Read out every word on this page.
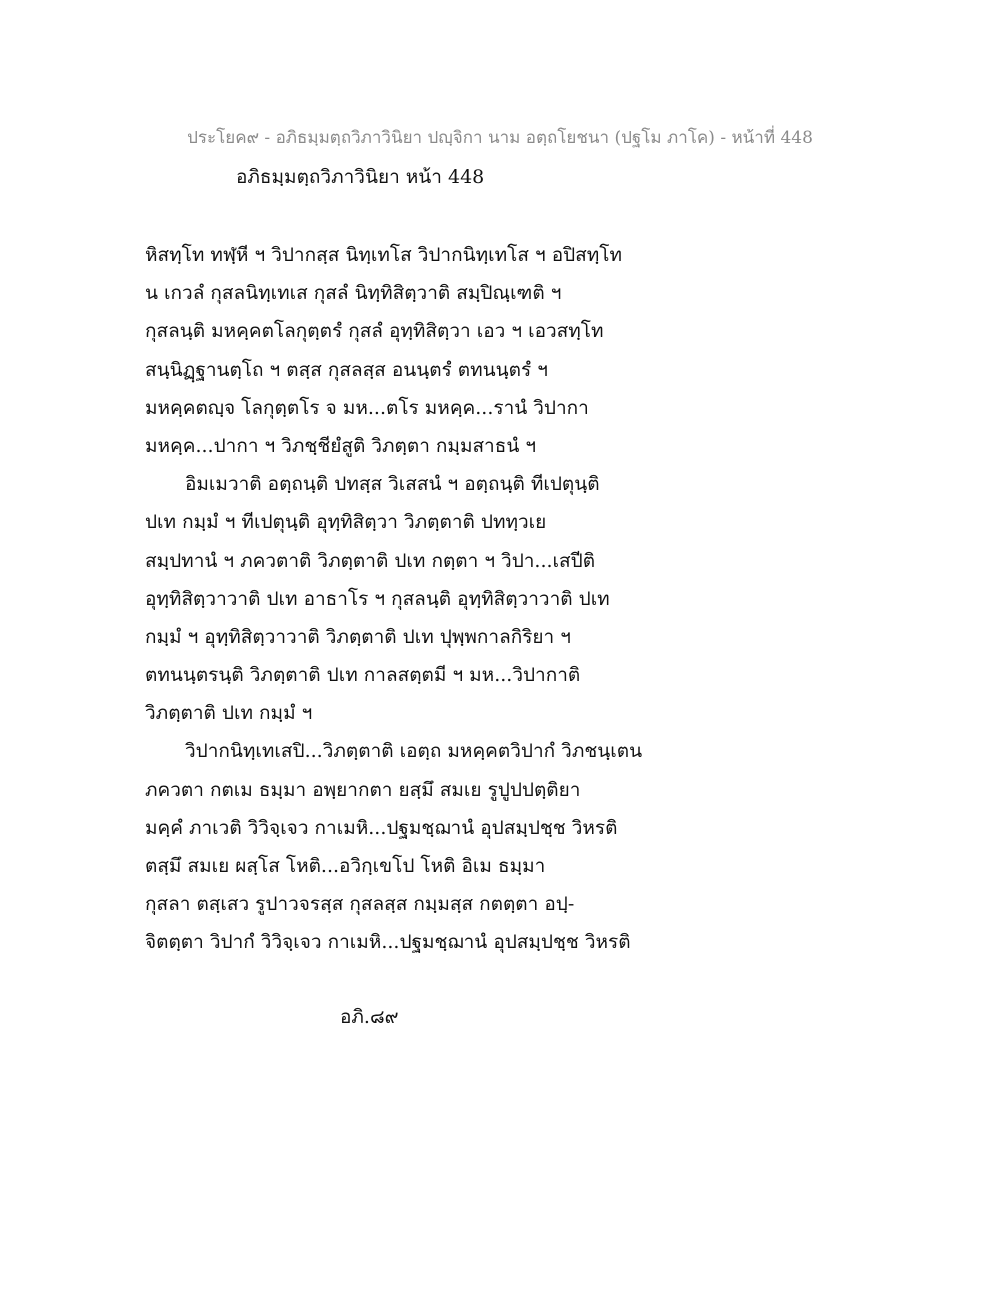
ประโยค๙ - อภิธมฺมตฺถวิภาวินิยา ปญฺจิกา นาม อตฺถโยชนา (ปฐโม ภาโค) - หน้าที่ 448
อภิธมฺมตฺถวิภาวินิยา หน้า 448
หิสทฺโท ทฬฺหี ฯ วิปากสฺส นิทฺเทโส วิปากนิทฺเทโส ฯ อปิสทฺโท
น เกวลํ กุสลนิทฺเทเส กุสลํ นิทฺทิสิตฺวาติ สมฺปิณฺเฑติ ฯ
กุสลนฺติ มหคฺคตโลกุตฺตรํ กุสลํ อุทฺทิสิตฺวา เอว ฯ เอวสทฺโท
สนฺนิฏฺฐานตฺโถ ฯ ตสฺส กุสลสฺส อนนฺตรํ ตทนนฺตรํ ฯ
มหคฺคตญฺจ โลกุตฺตโร จ มห...ตโร มหคฺค...รานํ วิปากา
มหคฺค...ปากา ฯ วิภชฺชียํสูติ วิภตฺตา กมฺมสาธนํ ฯ
อิมเมวาติ อตฺถนฺติ ปทสฺส วิเสสนํ ฯ อตฺถนฺติ ทีเปตุนฺติ
ปเท กมฺมํ ฯ ทีเปตุนฺติ อุทฺทิสิตฺวา วิภตฺตาติ ปททฺวเย
สมฺปทานํ ฯ ภควตาติ วิภตฺตาติ ปเท กตฺตา ฯ วิปา...เสปีติ
อุทฺทิสิตฺวาวาติ ปเท อาธาโร ฯ กุสลนฺติ อุทฺทิสิตฺวาวาติ ปเท
กมฺมํ ฯ อุทฺทิสิตฺวาวาติ วิภตฺตาติ ปเท ปุพฺพกาลกิริยา ฯ
ตทนนฺตรนฺติ วิภตฺตาติ ปเท กาลสตฺตมี ฯ มห...วิปากาติ
วิภตฺตาติ ปเท กมฺมํ ฯ
วิปากนิทฺเทเสปิ...วิภตฺตาติ เอตฺถ มหคฺคตวิปากํ วิภชนฺเตน
ภควตา กตเม ธมฺมา อพฺยากตา ยสฺมึ สมเย รูปูปปตฺติยา
มคฺคํ ภาเวติ วิวิจฺเจว กาเมหิ...ปฐมชฺฌานํ อุปสมฺปชฺช วิหรติ
ตสฺมึ สมเย ผสฺโส โหติ...อวิกฺเขโป โหติ อิเม ธมฺมา
กุสลา ตสฺเสว รูปาวจรสฺส กุสลสฺส กมฺมสฺส กตตฺตา อปฺ-
จิตตฺตา วิปากํ วิวิจฺเจว กาเมหิ...ปฐมชฺฌานํ อุปสมฺปชฺช วิหรติ
อภิ.๘๙
